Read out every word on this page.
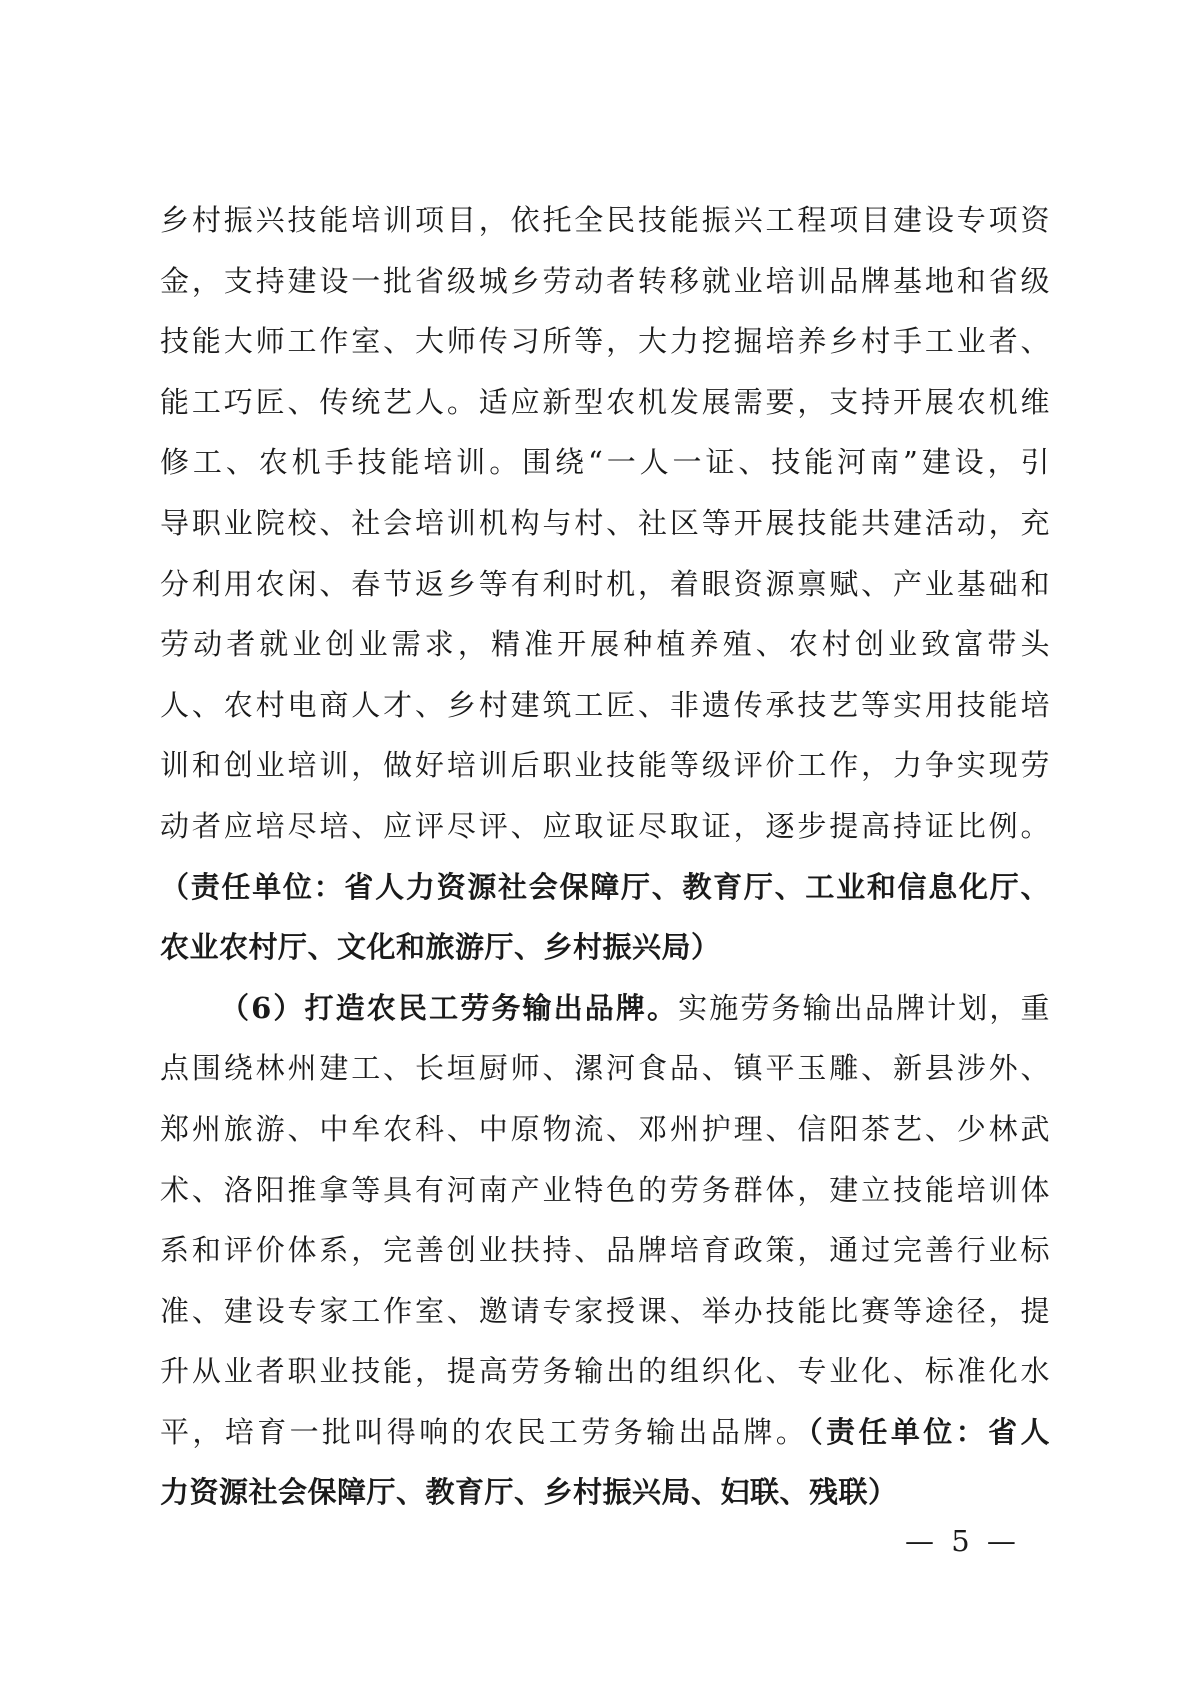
乡村振兴技能培训项目，依托全民技能振兴工程项目建设专项资
金，支持建设一批省级城乡劳动者转移就业培训品牌基地和省级
技能大师工作室、大师传习所等，大力挖掘培养乡村手工业者、
能工巧匠、传统艺人。适应新型农机发展需要，支持开展农机维
修工、农机手技能培训。围绕“一人一证、技能河南”建设，引
导职业院校、社会培训机构与村、社区等开展技能共建活动，充
分利用农闲、春节返乡等有利时机，着眼资源禀赋、产业基础和
劳动者就业创业需求，精准开展种植养殖、农村创业致富带头
人、农村电商人才、乡村建筑工匠、非遗传承技艺等实用技能培
训和创业培训，做好培训后职业技能等级评价工作，力争实现劳
动者应培尽培、应评尽评、应取证尽取证，逐步提高持证比例。
（责任单位：省人力资源社会保障厅、教育厅、工业和信息化厅、
农业农村厅、文化和旅游厅、乡村振兴局）
（6）打造农民工劳务输出品牌。实施劳务输出品牌计划，重
点围绕林州建工、长垣厨师、漯河食品、镇平玉雕、新县涉外、
郑州旅游、中牟农科、中原物流、邓州护理、信阳茶艺、少林武
术、洛阳推拿等具有河南产业特色的劳务群体，建立技能培训体
系和评价体系，完善创业扶持、品牌培育政策，通过完善行业标
准、建设专家工作室、邀请专家授课、举办技能比赛等途径，提
升从业者职业技能，提高劳务输出的组织化、专业化、标准化水
平，培育一批叫得响的农民工劳务输出品牌。（责任单位：省人
力资源社会保障厅、教育厅、乡村振兴局、妇联、残联）
— 5 —
